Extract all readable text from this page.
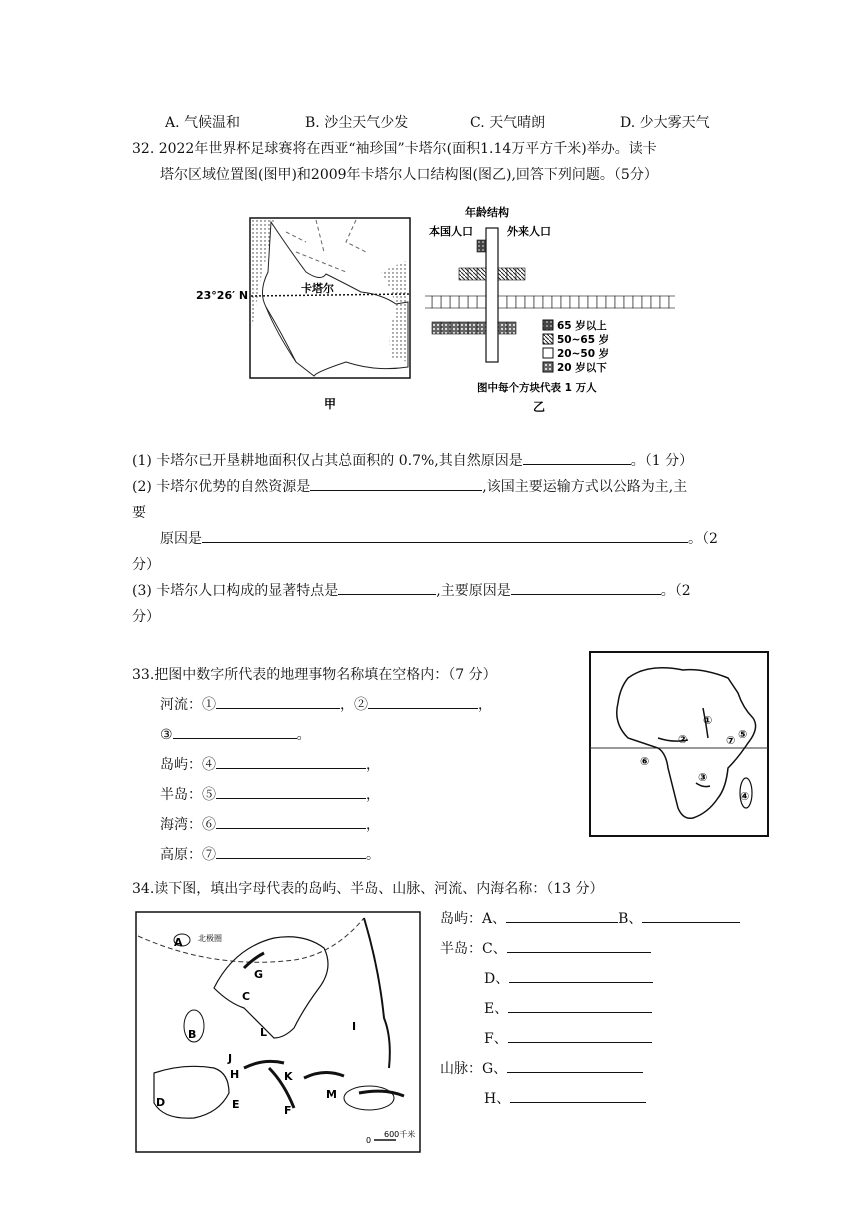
A. 气候温和	B. 沙尘天气少发	C. 天气晴朗	D. 少大雾天气
32. 2022年世界杯足球赛将在西亚“袖珍国”卡塔尔(面积1.14万平方千米)举办。读卡
塔尔区域位置图(图甲)和2009年卡塔尔人口结构图(图乙),回答下列问题。（5分）
23°26′ N
卡塔尔
甲
年龄结构
本国人口	外来人口
65 岁以上
50~65 岁
20~50 岁
20 岁以下
图中每个方块代表 1 万人
乙
(1) 卡塔尔已开垦耕地面积仅占其总面积的 0.7%,其自然原因是	。（1 分）
(2) 卡塔尔优势的自然资源是	,该国主要运输方式以公路为主,主
要
原因是	。（2
分）
(3) 卡塔尔人口构成的显著特点是	,主要原因是	。（2
分）
33.把图中数字所代表的地理事物名称填在空格内：（7 分）
河流：①	，②	，
③	。
岛屿：④	，
半岛：⑤	，
海湾：⑥	，
高原：⑦	。
①
②
③
④
⑤
⑥
⑦
34.读下图，填出字母代表的岛屿、半岛、山脉、河流、内海名称：（13 分）
北极圈
A
B
C
D	E	F
G
H
I
J
K
L
M
0
600千米
岛屿：A、	B、
半岛：C、
D、
E、
F、
山脉：G、
H、
